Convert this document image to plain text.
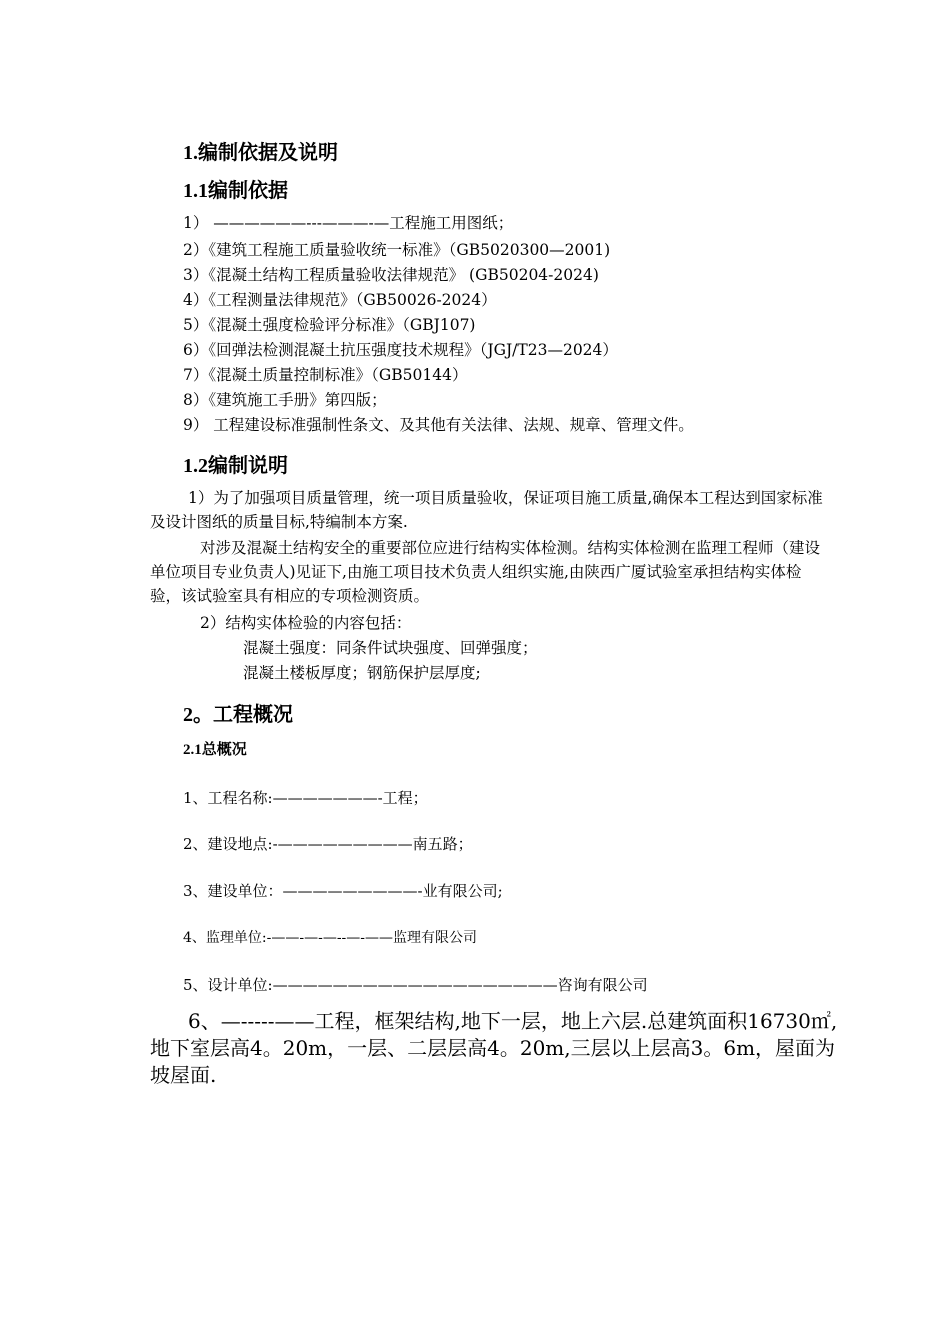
1.编制依据及说明
1.1编制依据
1） ——————---———-—工程施工用图纸；
2）《建筑工程施工质量验收统一标准》（GB5020300—2001)
3）《混凝土结构工程质量验收法律规范》 (GB50204-2024)
4）《工程测量法律规范》（GB50026-2024）
5）《混凝土强度检验评分标准》（GBJ107)
6）《回弹法检测混凝土抗压强度技术规程》（JGJ/T23—2024）
7）《混凝土质量控制标准》（GB50144）
8）《建筑施工手册》第四版；
9） 工程建设标准强制性条文、及其他有关法律、法规、规章、管理文件。
1.2编制说明
1）为了加强项目质量管理，统一项目质量验收，保证项目施工质量,确保本工程达到国家标准及设计图纸的质量目标,特编制本方案.
对涉及混凝土结构安全的重要部位应进行结构实体检测。结构实体检测在监理工程师（建设单位项目专业负责人)见证下,由施工项目技术负责人组织实施,由陕西广厦试验室承担结构实体检验，该试验室具有相应的专项检测资质。
2）结构实体检验的内容包括：
混凝土强度：同条件试块强度、回弹强度；
混凝土楼板厚度；钢筋保护层厚度;
2。工程概况
2.1总概况
1、工程名称:———————-工程；
2、建设地点:-—————————南五路；
3、建设单位：—————————-业有限公司;
4、监理单位:-——-—-—--—-——监理有限公司
5、设计单位:———————————————————咨询有限公司
6、—-----——工程，框架结构,地下一层，地上六层.总建筑面积16730㎡,地下室层高4。20m，一层、二层层高4。20m,三层以上层高3。6m，屋面为坡屋面.
